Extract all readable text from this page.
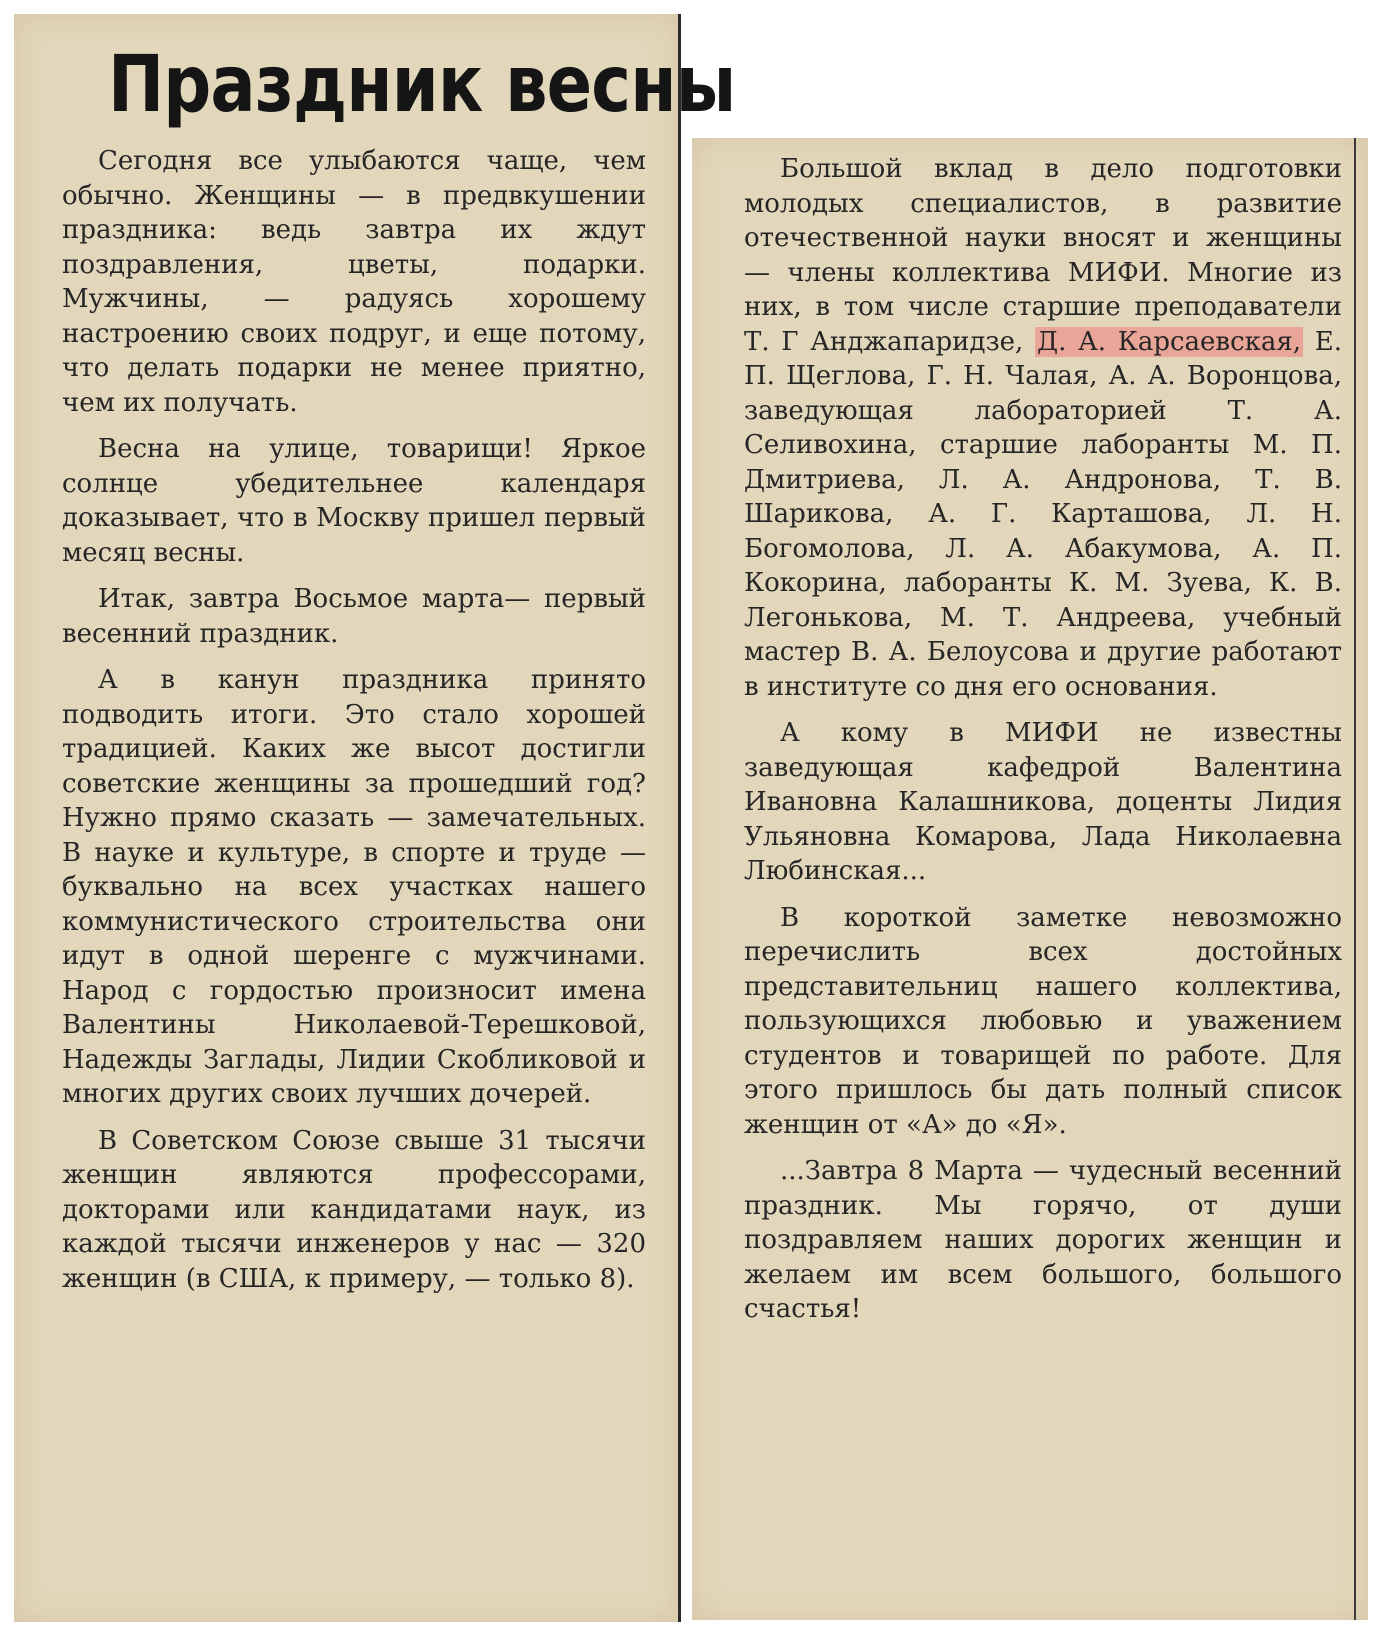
Праздник весны

Сегодня все улыбаются чаще, чем обычно. Женщины — в предвкушении праздника: ведь завтра их ждут поздравления, цветы, подарки. Мужчины, — радуясь хорошему настроению своих подруг, и еще потому, что делать подарки не менее приятно, чем их получать.

Весна на улице, товарищи! Яркое солнце убедительнее календаря доказывает, что в Москву пришел первый месяц весны.

Итак, завтра Восьмое марта— первый весенний праздник.

А в канун праздника принято подводить итоги. Это стало хорошей традицией. Каких же высот достигли советские женщины за прошедший год? Нужно прямо сказать — замечательных. В науке и культуре, в спорте и труде — буквально на всех участках нашего коммунистического строительства они идут в одной шеренге с мужчинами. Народ с гордостью произносит имена Валентины Николаевой-Терешковой, Надежды Заглады, Лидии Скобликовой и многих других своих лучших дочерей.

В Советском Союзе свыше 31 тысячи женщин являются профессорами, докторами или кандидатами наук, из каждой тысячи инженеров у нас — 320 женщин (в США, к примеру, — только 8).

Большой вклад в дело подготовки молодых специалистов, в развитие отечественной науки вносят и женщины — члены коллектива МИФИ. Многие из них, в том числе старшие преподаватели Т. Г Анджапаридзе, Д. А. Карсаевская, Е. П. Щеглова, Г. Н. Чалая, А. А. Воронцова, заведующая лабораторией Т. А. Селивохина, старшие лаборанты М. П. Дмитриева, Л. А. Андронова, Т. В. Шарикова, А. Г. Карташова, Л. Н. Богомолова, Л. А. Абакумова, А. П. Кокорина, лаборанты К. М. Зуева, К. В. Легонькова, М. Т. Андреева, учебный мастер В. А. Белоусова и другие работают в институте со дня его основания.

А кому в МИФИ не известны заведующая кафедрой Валентина Ивановна Калашникова, доценты Лидия Ульяновна Комарова, Лада Николаевна Любинская...

В короткой заметке невозможно перечислить всех достойных представительниц нашего коллектива, пользующихся любовью и уважением студентов и товарищей по работе. Для этого пришлось бы дать полный список женщин от «А» до «Я».

...Завтра 8 Марта — чудесный весенний праздник. Мы горячо, от души поздравляем наших дорогих женщин и желаем им всем большого, большого счастья!
